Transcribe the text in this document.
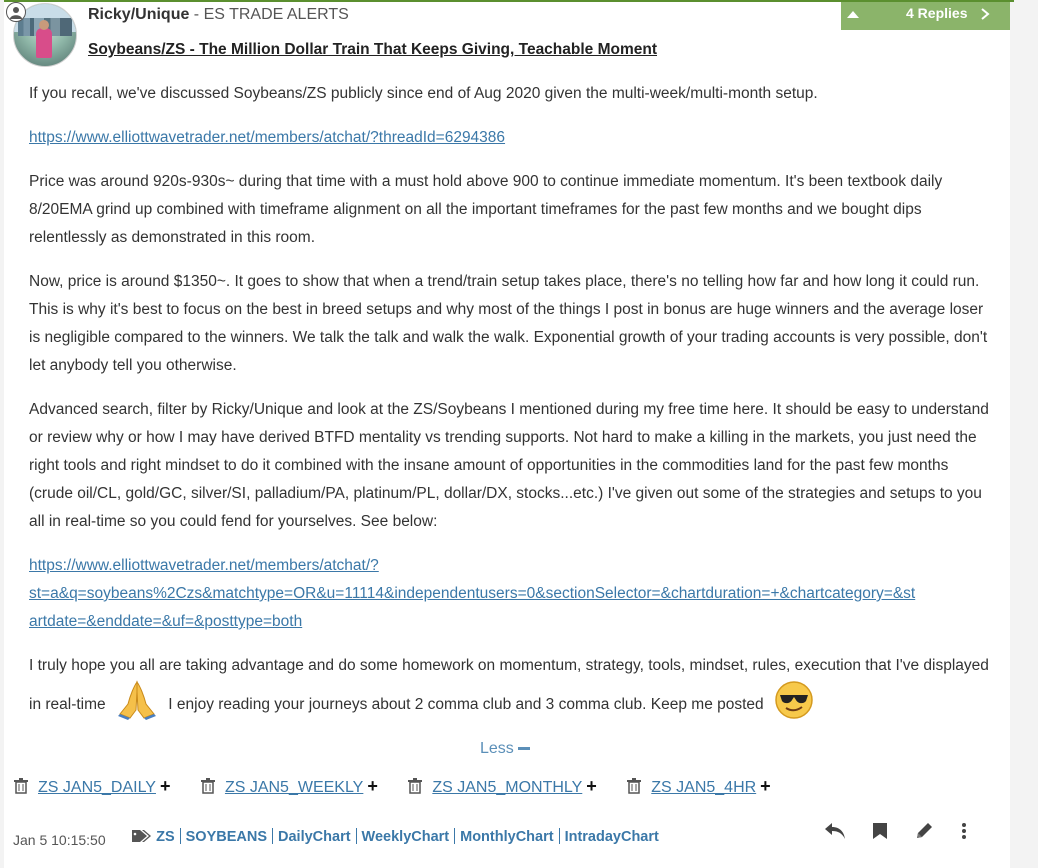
Ricky/Unique - ES TRADE ALERTS	4 Replies
Soybeans/ZS - The Million Dollar Train That Keeps Giving, Teachable Moment

If you recall, we've discussed Soybeans/ZS publicly since end of Aug 2020 given the multi-week/multi-month setup.

https://www.elliottwavetrader.net/members/atchat/?threadId=6294386

Price was around 920s-930s~ during that time with a must hold above 900 to continue immediate momentum. It's been textbook daily 8/20EMA grind up combined with timeframe alignment on all the important timeframes for the past few months and we bought dips relentlessly as demonstrated in this room.

Now, price is around $1350~. It goes to show that when a trend/train setup takes place, there's no telling how far and how long it could run. This is why it's best to focus on the best in breed setups and why most of the things I post in bonus are huge winners and the average loser is negligible compared to the winners. We talk the talk and walk the walk. Exponential growth of your trading accounts is very possible, don't let anybody tell you otherwise.

Advanced search, filter by Ricky/Unique and look at the ZS/Soybeans I mentioned during my free time here. It should be easy to understand or review why or how I may have derived BTFD mentality vs trending supports. Not hard to make a killing in the markets, you just need the right tools and right mindset to do it combined with the insane amount of opportunities in the commodities land for the past few months (crude oil/CL, gold/GC, silver/SI, palladium/PA, platinum/PL, dollar/DX, stocks...etc.) I've given out some of the strategies and setups to you all in real-time so you could fend for yourselves. See below:

https://www.elliottwavetrader.net/members/atchat/?
st=a&q=soybeans%2Czs&matchtype=OR&u=11114&independentusers=0&sectionSelector=&chartduration=+&chartcategory=&st
artdate=&enddate=&uf=&posttype=both

I truly hope you all are taking advantage and do some homework on momentum, strategy, tools, mindset, rules, execution that I've displayed in real-time	I enjoy reading your journeys about 2 comma club and 3 comma club. Keep me posted

Less
ZS JAN5_DAILY +	ZS JAN5_WEEKLY +	ZS JAN5_MONTHLY +	ZS JAN5_4HR +
Jan 5 10:15:50	ZS SOYBEANS DailyChart WeeklyChart MonthlyChart IntradayChart
